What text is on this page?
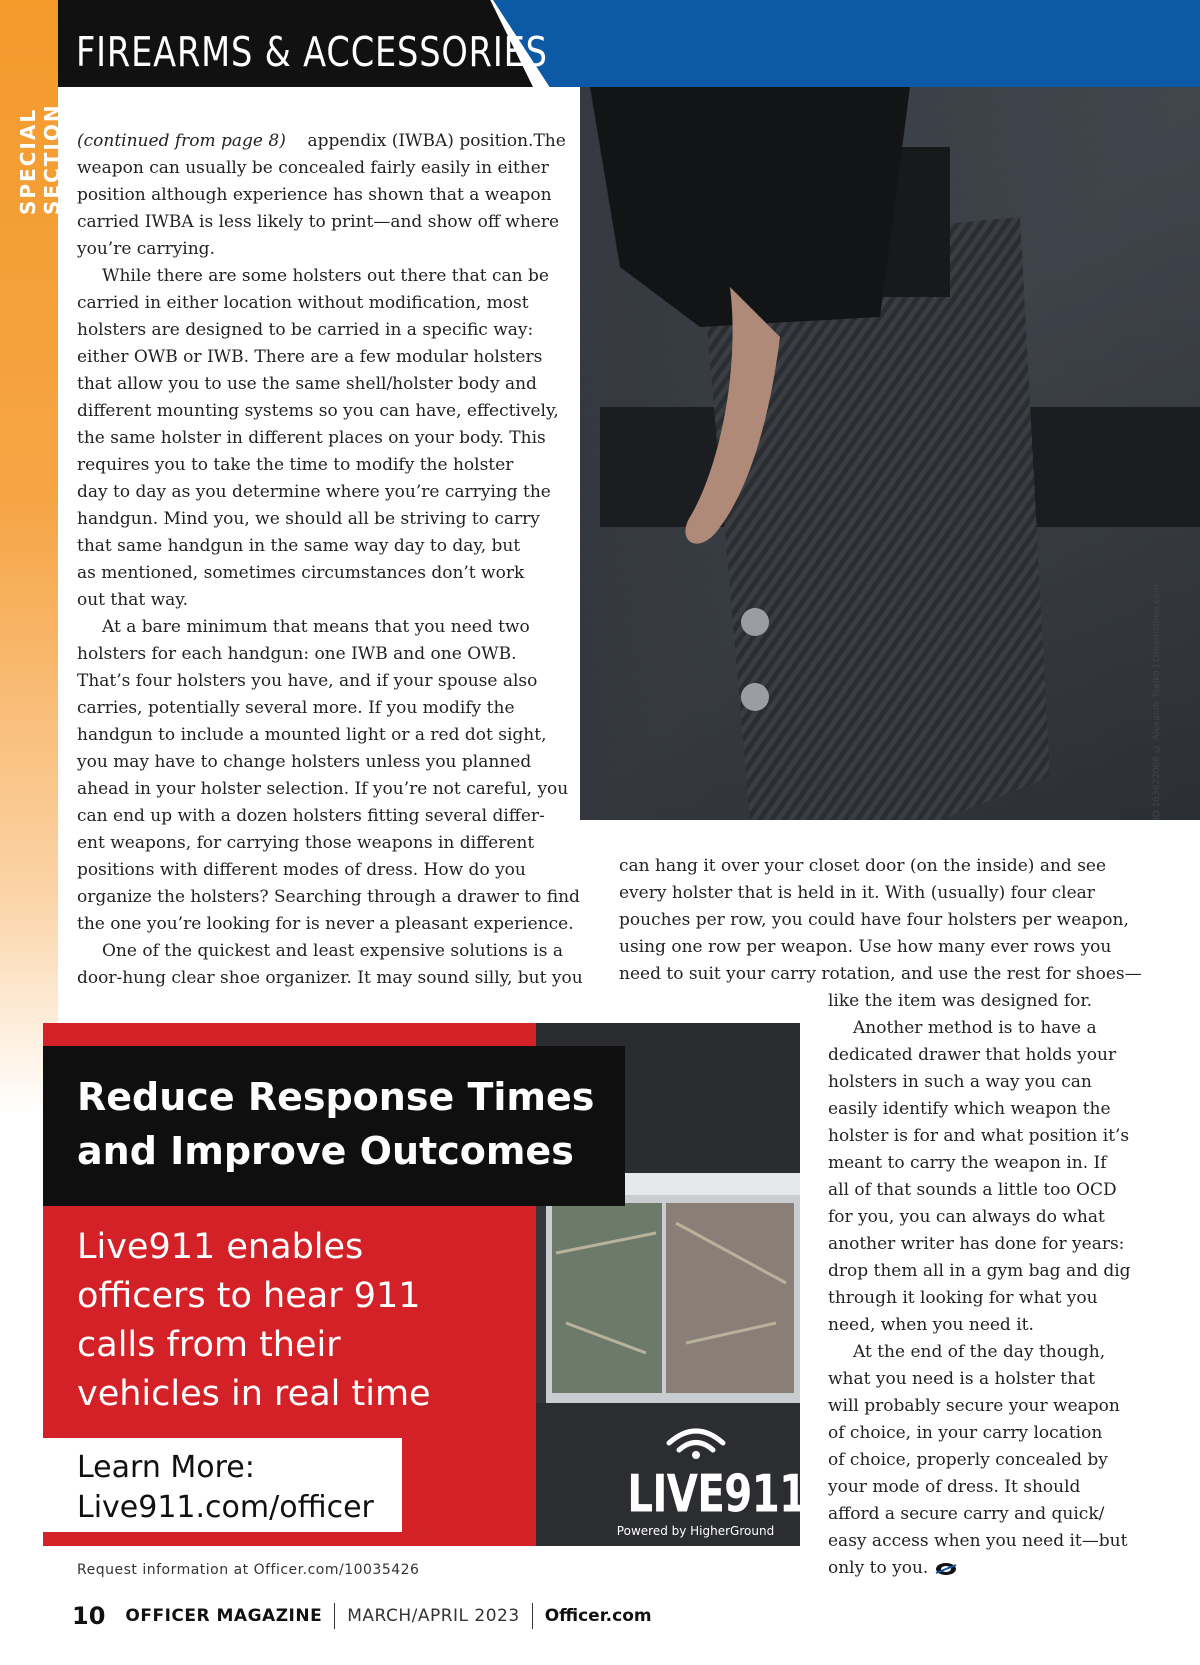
SPECIAL SECTION
FIREARMS & ACCESSORIES
ID 163622066 © Alexandr Tsalko | Dreamstime.com
(continued from page 8) appendix (IWBA) position.The
weapon can usually be concealed fairly easily in either
position although experience has shown that a weapon
carried IWBA is less likely to print—and show off where
you’re carrying.
While there are some holsters out there that can be
carried in either location without modification, most
holsters are designed to be carried in a specific way:
either OWB or IWB. There are a few modular holsters
that allow you to use the same shell/holster body and
different mounting systems so you can have, effectively,
the same holster in different places on your body. This
requires you to take the time to modify the holster
day to day as you determine where you’re carrying the
handgun. Mind you, we should all be striving to carry
that same handgun in the same way day to day, but
as mentioned, sometimes circumstances don’t work
out that way.
At a bare minimum that means that you need two
holsters for each handgun: one IWB and one OWB.
That’s four holsters you have, and if your spouse also
carries, potentially several more. If you modify the
handgun to include a mounted light or a red dot sight,
you may have to change holsters unless you planned
ahead in your holster selection. If you’re not careful, you
can end up with a dozen holsters fitting several differ-
ent weapons, for carrying those weapons in different
positions with different modes of dress. How do you
organize the holsters? Searching through a drawer to find
the one you’re looking for is never a pleasant experience.
One of the quickest and least expensive solutions is a
door-hung clear shoe organizer. It may sound silly, but you
can hang it over your closet door (on the inside) and see
every holster that is held in it. With (usually) four clear
pouches per row, you could have four holsters per weapon,
using one row per weapon. Use how many ever rows you
need to suit your carry rotation, and use the rest for shoes—
like the item was designed for.
Another method is to have a
dedicated drawer that holds your
holsters in such a way you can
easily identify which weapon the
holster is for and what position it’s
meant to carry the weapon in. If
all of that sounds a little too OCD
for you, you can always do what
another writer has done for years:
drop them all in a gym bag and dig
through it looking for what you
need, when you need it.
At the end of the day though,
what you need is a holster that
will probably secure your weapon
of choice, in your carry location
of choice, properly concealed by
your mode of dress. It should
afford a secure carry and quick/
easy access when you need it—but
only to you.
Reduce Response Times
and Improve Outcomes
Live911 enables
officers to hear 911
calls from their
vehicles in real time
Learn More:
Live911.com/officer	LIVE911™
Powered by HigherGround
Request information at Officer.com/10035426
10 OFFICER MAGAZINE MARCH/APRIL 2023 Officer.com
